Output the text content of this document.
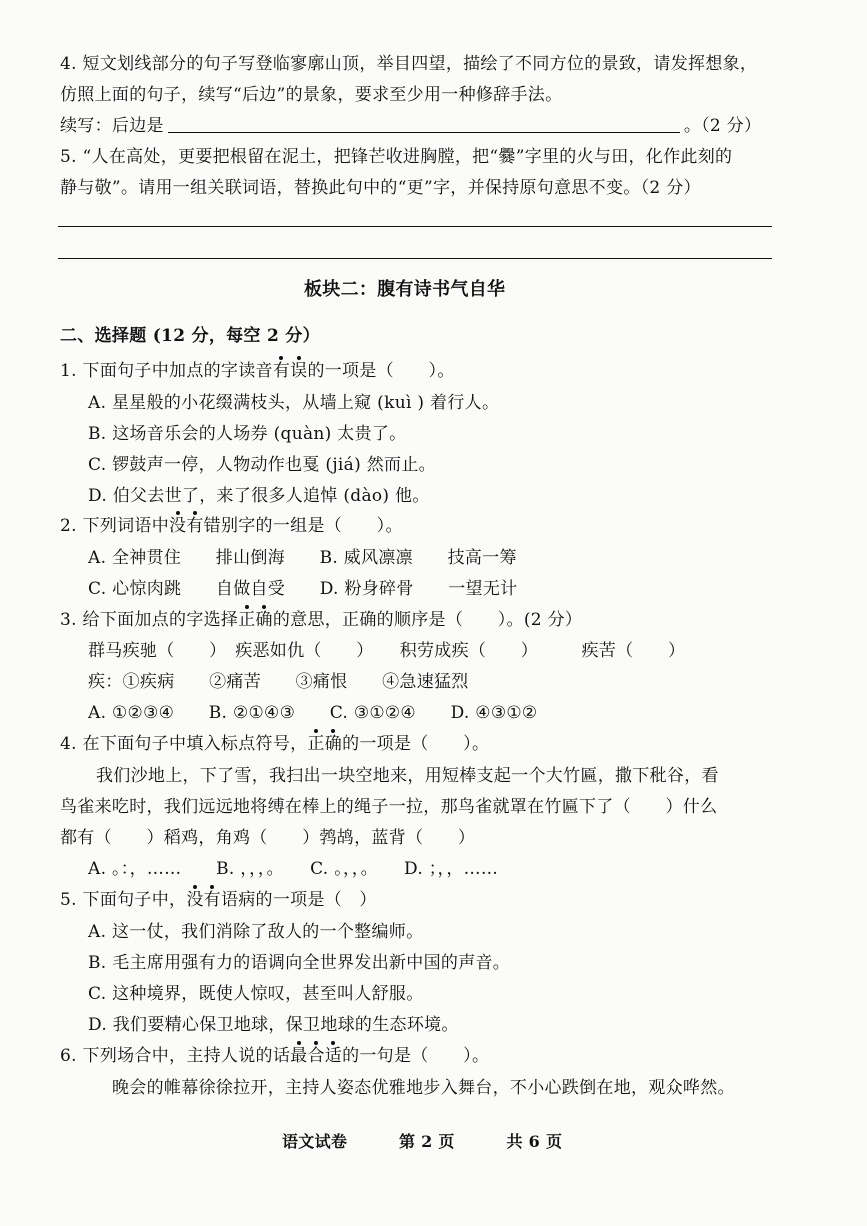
4. 短文划线部分的句子写登临寥廓山顶，举目四望，描绘了不同方位的景致，请发挥想象，
仿照上面的句子，续写“后边”的景象，要求至少用一种修辞手法。
续写：后边是	。（2 分）
5. “人在高处，更要把根留在泥土，把锋芒收进胸膛，把“爨”字里的火与田，化作此刻的
静与敬”。请用一组关联词语，替换此句中的“更”字，并保持原句意思不变。（2 分）
板块二：腹有诗书气自华
二、选择题 (12 分，每空 2 分）
1. 下面句子中加点的字读音有误的一项是（　　）。
A. 星星般的小花缀满枝头，从墙上窥 (kuì ) 着行人。
B. 这场音乐会的人场券 (quàn) 太贵了。
C. 锣鼓声一停，人物动作也戛 (jiá) 然而止。
D. 伯父去世了，来了很多人追悼 (dào) 他。
2. 下列词语中没有错别字的一组是（　　）。
A. 全神贯住　　排山倒海　　B. 威风凛凛　　技高一筹
C. 心惊肉跳　　自做自受　　D. 粉身碎骨　　一望无计
3. 给下面加点的字选择正确的意思，正确的顺序是（　　）。(2 分）
群马疾驰（　　）　疾恶如仇（　　）　　积劳成疾（　　）　　　疾苦（　　）
疾：①疾病　　②痛苦　　③痛恨　　④急速猛烈
A. ①②③④　　B. ②①④③　　C. ③①②④　　D. ④③①②
4. 在下面句子中填入标点符号，正确的一项是（　　）。
我们沙地上，下了雪，我扫出一块空地来，用短棒支起一个大竹匾，撒下秕谷，看
鸟雀来吃时，我们远远地将缚在棒上的绳子一拉，那鸟雀就罩在竹匾下了（　　）什么
都有（　　）稻鸡，角鸡（　　）鹁鸪，蓝背（　　）
A. 。：，……　　B. ，，，。　　C. 。，，。　　D. ；，，……
5. 下面句子中，没有语病的一项是（　）
A. 这一仗，我们消除了敌人的一个整编师。
B. 毛主席用强有力的语调向全世界发出新中国的声音。
C. 这种境界，既使人惊叹，甚至叫人舒服。
D. 我们要精心保卫地球，保卫地球的生态环境。
6. 下列场合中，主持人说的话最合适的一句是（　　）。
晚会的帷幕徐徐拉开，主持人姿态优雅地步入舞台，不小心跌倒在地，观众哗然。
语文试卷	第 2 页	共 6 页
